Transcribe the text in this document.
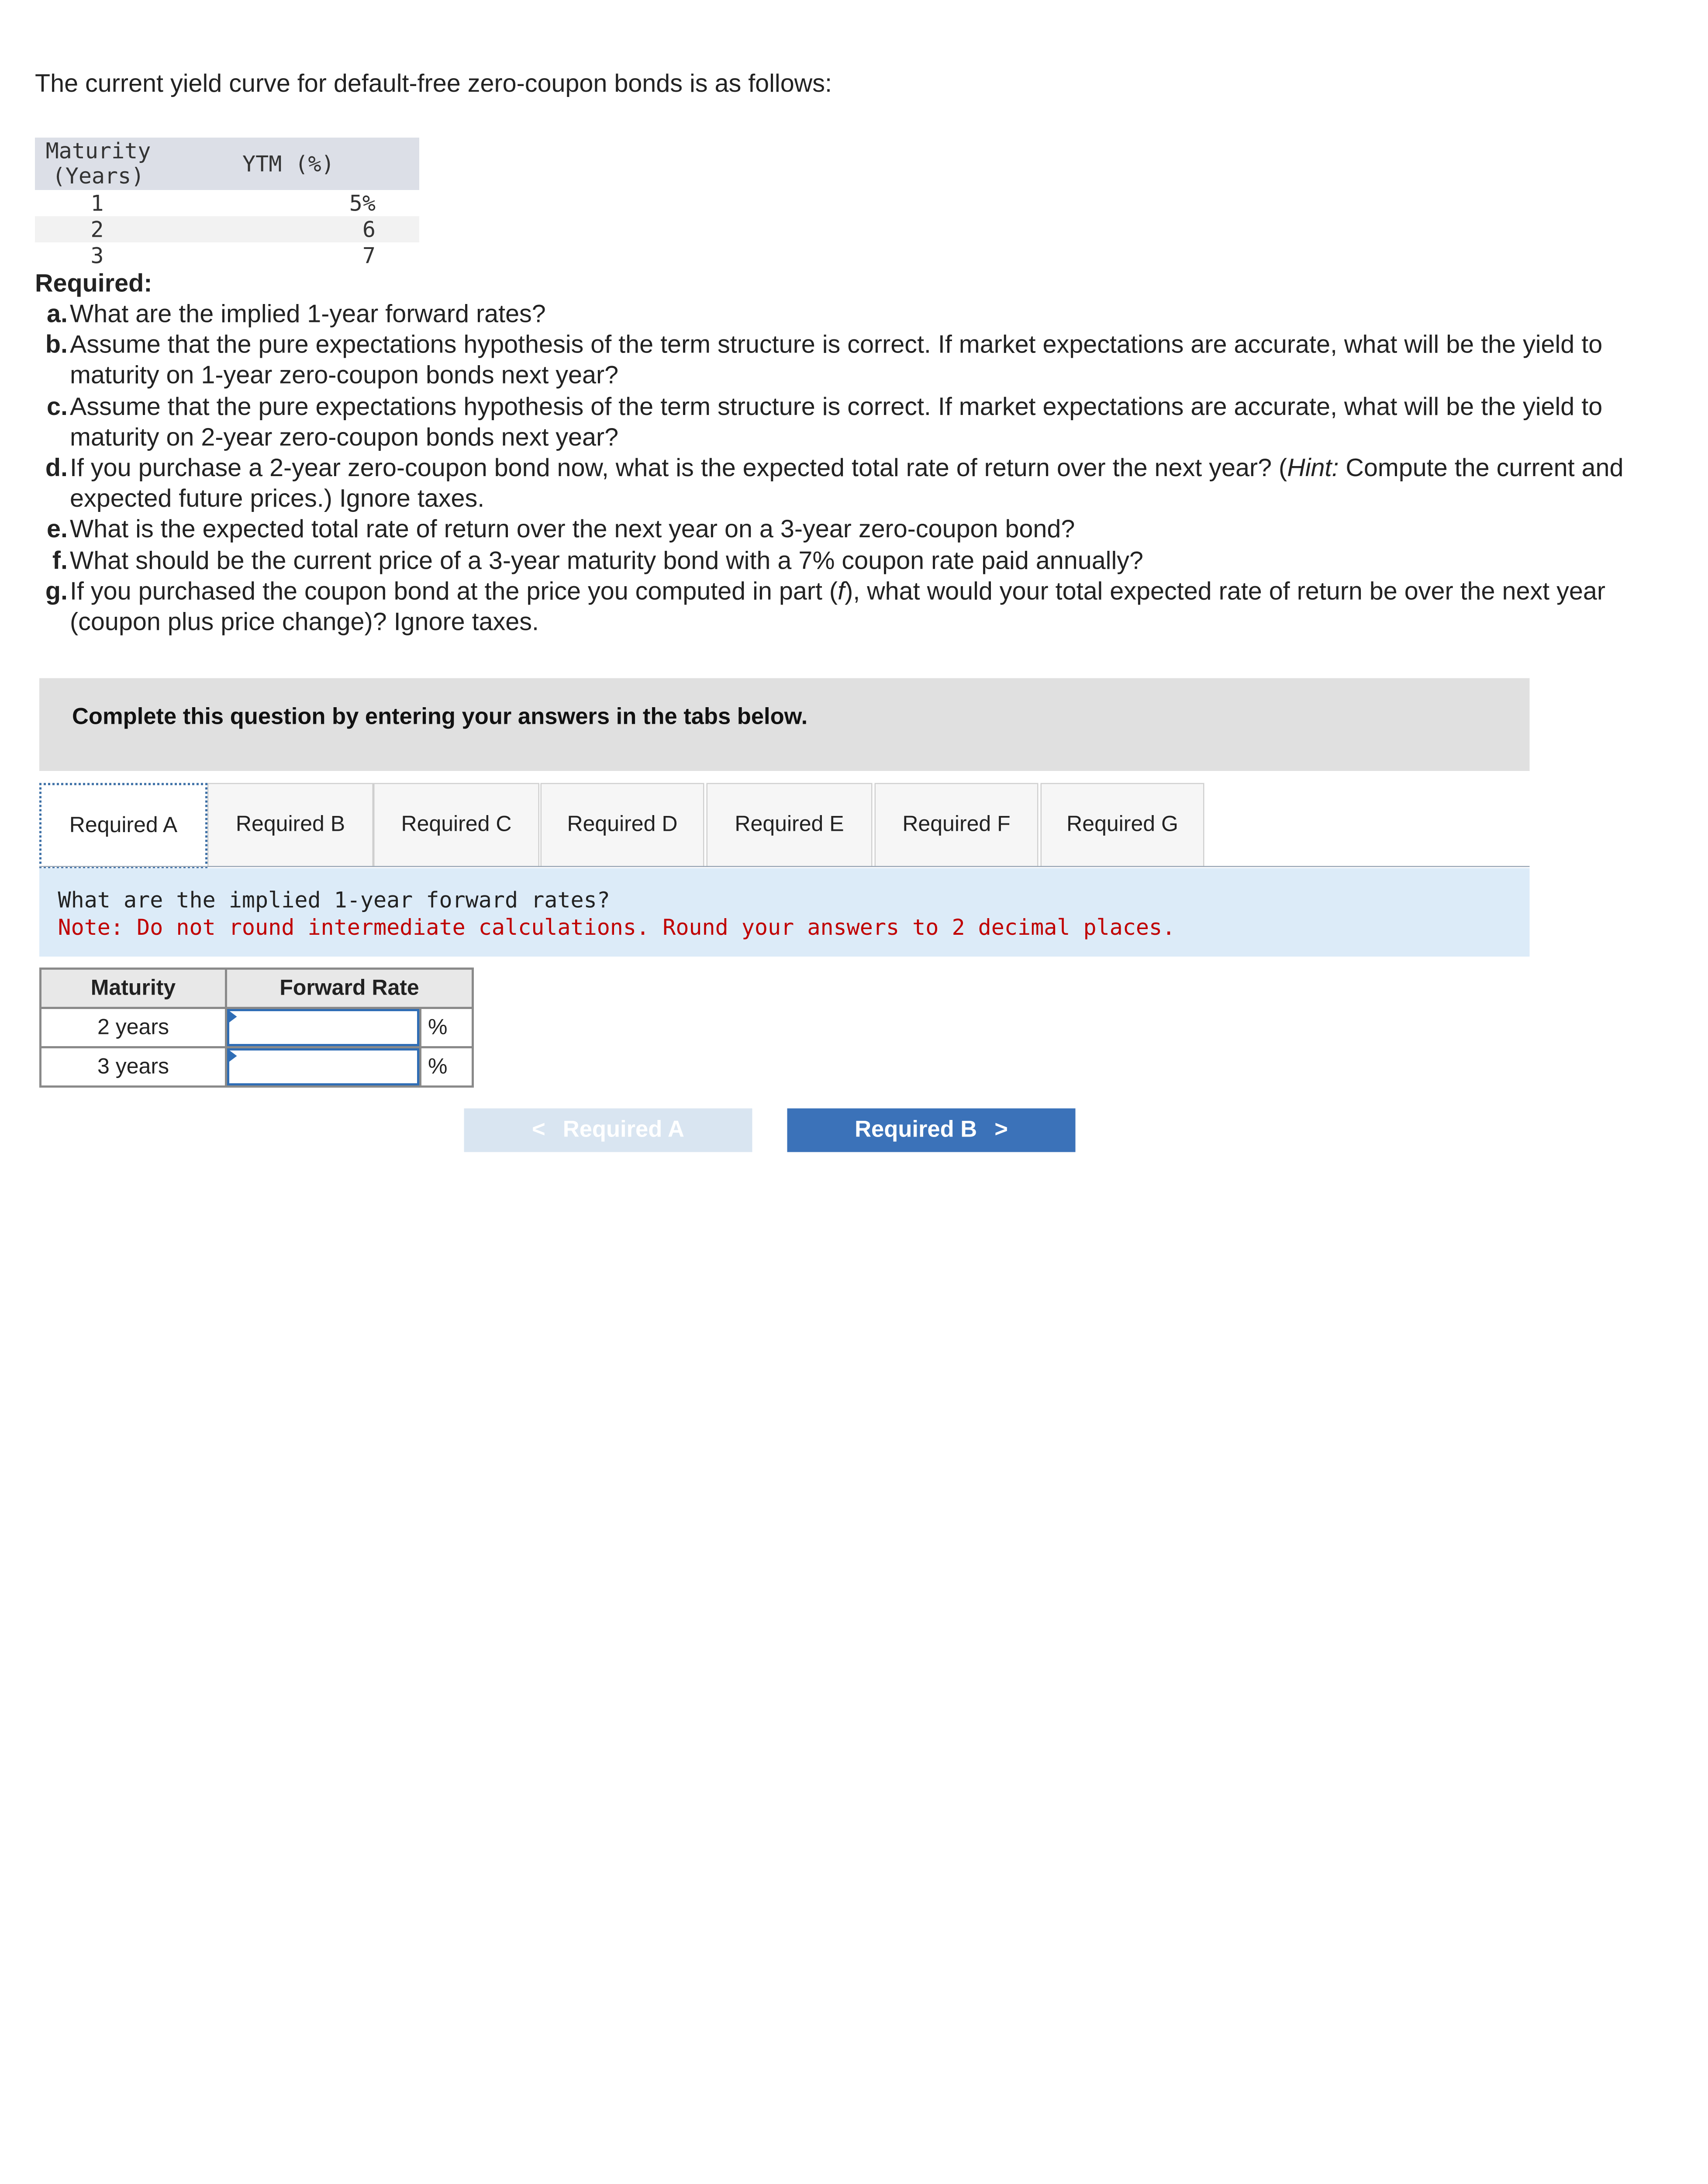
The current yield curve for default-free zero-coupon bonds is as follows:
Maturity
(Years)	YTM (%)
1	5%
2	6
3	7
Required:
a. What are the implied 1-year forward rates?
b. Assume that the pure expectations hypothesis of the term structure is correct. If market expectations are accurate, what will be the yield to maturity on 1-year zero-coupon bonds next year?
c. Assume that the pure expectations hypothesis of the term structure is correct. If market expectations are accurate, what will be the yield to maturity on 2-year zero-coupon bonds next year?
d. If you purchase a 2-year zero-coupon bond now, what is the expected total rate of return over the next year? (Hint: Compute the current and expected future prices.) Ignore taxes.
e. What is the expected total rate of return over the next year on a 3-year zero-coupon bond?
f. What should be the current price of a 3-year maturity bond with a 7% coupon rate paid annually?
g. If you purchased the coupon bond at the price you computed in part (f), what would your total expected rate of return be over the next year (coupon plus price change)? Ignore taxes.
Complete this question by entering your answers in the tabs below.
Required A	Required B	Required C	Required D	Required E	Required F	Required G
What are the implied 1-year forward rates?
Note: Do not round intermediate calculations. Round your answers to 2 decimal places.
Maturity	Forward Rate	
2 years		%
3 years		%
< Required A	Required B >
